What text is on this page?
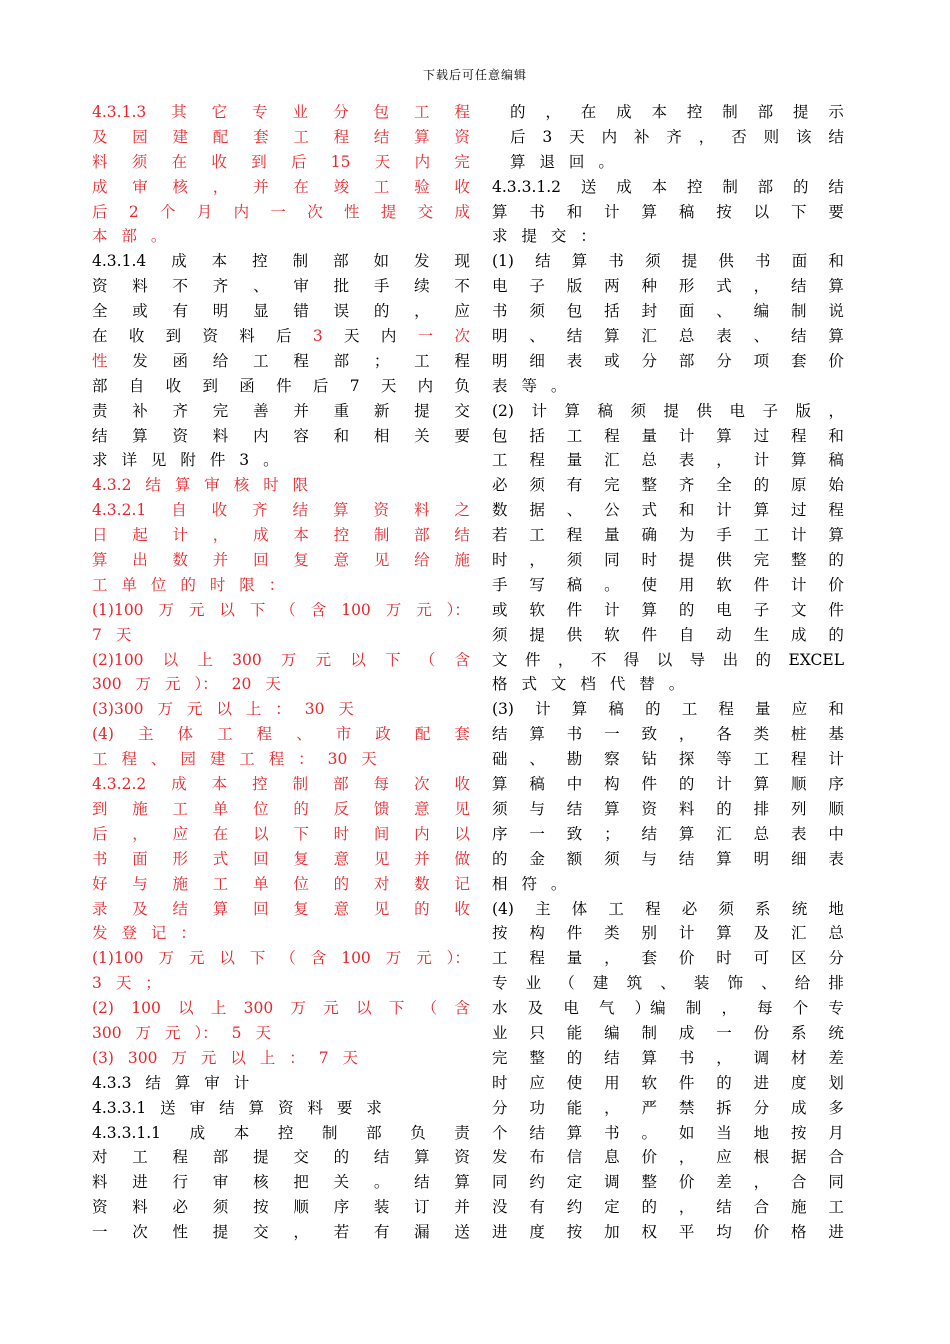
下载后可任意编辑
4.3.1.3 其 它 专 业 分 包 工 程
及 园 建 配 套 工 程 结 算 资
料 须 在 收 到 后 15 天 内 完
成 审 核 ， 并 在 竣 工 验 收
后 2 个 月 内 一 次 性 提 交 成
本 部 。
4.3.1.4 成 本 控 制 部 如 发 现
资 料 不 齐 、 审 批 手 续 不
全 或 有 明 显 错 误 的 ， 应
在 收 到 资 料 后 3 天 内 一 次
性 发 函 给 工 程 部 ； 工 程
部 自 收 到 函 件 后 7 天 内 负
责 补 齐 完 善 并 重 新 提 交
结 算 资 料 内 容 和 相 关 要
求 详 见 附 件 3 。
4.3.2 结 算 审 核 时 限
4.3.2.1 自 收 齐 结 算 资 料 之
日 起 计 ， 成 本 控 制 部 结
算 出 数 并 回 复 意 见 给 施
工 单 位 的 时 限 ：
(1)100 万 元 以 下 （ 含 100 万 元 ）：
7 天
(2)100 以 上 300 万 元 以 下 （ 含
300 万 元 ）： 20 天
(3)300 万 元 以 上 ： 30 天
(4) 主 体 工 程 、 市 政 配 套
工 程 、 园 建 工 程 ： 30 天
4.3.2.2 成 本 控 制 部 每 次 收
到 施 工 单 位 的 反 馈 意 见
后 ， 应 在 以 下 时 间 内 以
书 面 形 式 回 复 意 见 并 做
好 与 施 工 单 位 的 对 数 记
录 及 结 算 回 复 意 见 的 收
发 登 记 ：
(1)100 万 元 以 下 （ 含 100 万 元 ）：
3 天 ；
(2) 100 以 上 300 万 元 以 下 （ 含
300 万 元 ）： 5 天
(3) 300 万 元 以 上 ： 7 天
4.3.3 结 算 审 计
4.3.3.1 送 审 结 算 资 料 要 求
4.3.3.1.1 成 本 控 制 部 负 责
对 工 程 部 提 交 的 结 算 资
料 进 行 审 核 把 关 。 结 算
资 料 必 须 按 顺 序 装 订 并
一 次 性 提 交 ， 若 有 漏 送
的 ， 在 成 本 控 制 部 提 示
后 3 天 内 补 齐 ， 否 则 该 结
算 退 回 。
4.3.3.1.2 送 成 本 控 制 部 的 结
算 书 和 计 算 稿 按 以 下 要
求 提 交 ：
(1) 结 算 书 须 提 供 书 面 和
电 子 版 两 种 形 式 ， 结 算
书 须 包 括 封 面 、 编 制 说
明 、 结 算 汇 总 表 、 结 算
明 细 表 或 分 部 分 项 套 价
表 等 。
(2) 计 算 稿 须 提 供 电 子 版 ，
包 括 工 程 量 计 算 过 程 和
工 程 量 汇 总 表 ， 计 算 稿
必 须 有 完 整 齐 全 的 原 始
数 据 、 公 式 和 计 算 过 程
若 工 程 量 确 为 手 工 计 算
时 ， 须 同 时 提 供 完 整 的
手 写 稿 。 使 用 软 件 计 价
或 软 件 计 算 的 电 子 文 件
须 提 供 软 件 自 动 生 成 的
文 件 ， 不 得 以 导 出 的 EXCEL
格 式 文 档 代 替 。
(3) 计 算 稿 的 工 程 量 应 和
结 算 书 一 致 ， 各 类 桩 基
础 、 勘 察 钻 探 等 工 程 计
算 稿 中 构 件 的 计 算 顺 序
须 与 结 算 资 料 的 排 列 顺
序 一 致 ； 结 算 汇 总 表 中
的 金 额 须 与 结 算 明 细 表
相 符 。
(4) 主 体 工 程 必 须 系 统 地
按 构 件 类 别 计 算 及 汇 总
工 程 量 ， 套 价 时 可 区 分
专 业 （ 建 筑 、 装 饰 、 给 排
水 及 电 气 ）编 制 ， 每 个 专
业 只 能 编 制 成 一 份 系 统
完 整 的 结 算 书 ， 调 材 差
时 应 使 用 软 件 的 进 度 划
分 功 能 ， 严 禁 拆 分 成 多
个 结 算 书 。 如 当 地 按 月
发 布 信 息 价 ， 应 根 据 合
同 约 定 调 整 价 差 ， 合 同
没 有 约 定 的 ， 结 合 施 工
进 度 按 加 权 平 均 价 格 进
